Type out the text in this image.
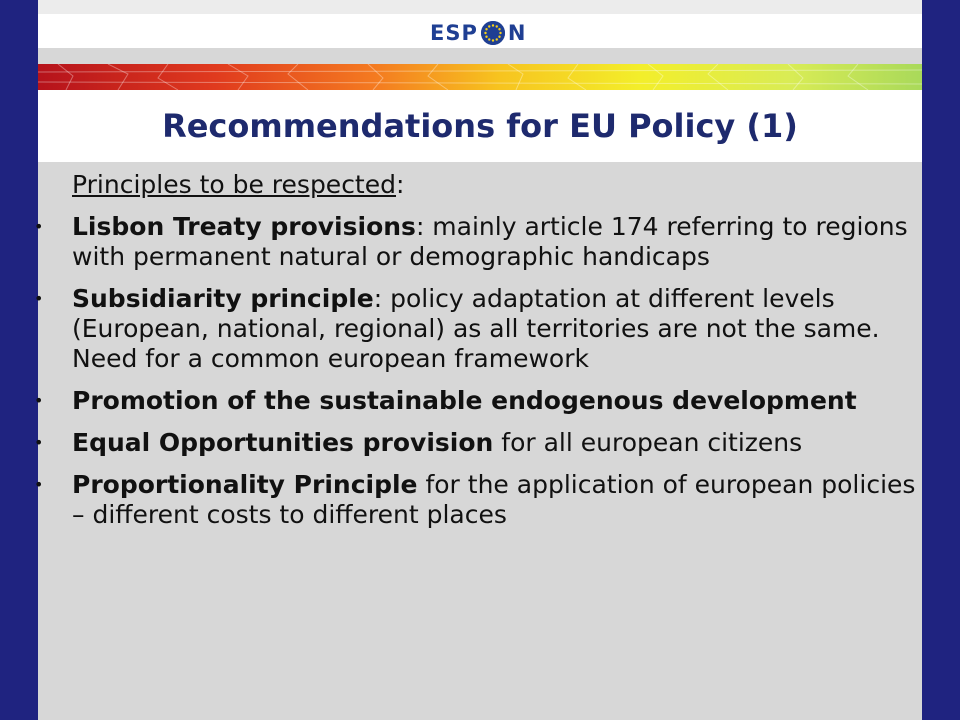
ESP N
Recommendations for EU Policy (1)
Principles to be respected:
• Lisbon Treaty provisions: mainly article 174 referring to regions with permanent natural or demographic handicaps
• Subsidiarity principle: policy adaptation at different levels (European, national, regional) as all territories are not the same. Need for a common european framework
• Promotion of the sustainable endogenous development
• Equal Opportunities provision for all european citizens
• Proportionality Principle for the application of european policies – different costs to different places
